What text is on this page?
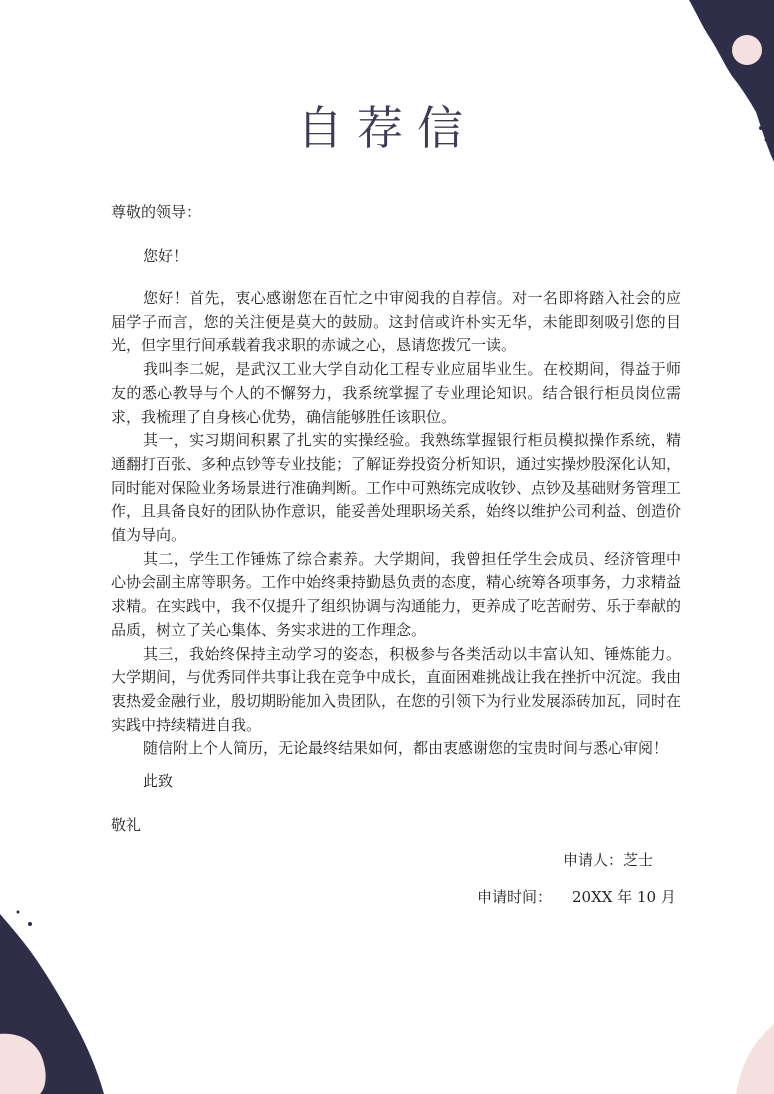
自荐信
尊敬的领导：
您好！

您好！首先，衷心感谢您在百忙之中审阅我的自荐信。对一名即将踏入社会的应届学子而言，您的关注便是莫大的鼓励。这封信或许朴实无华，未能即刻吸引您的目光，但字里行间承载着我求职的赤诚之心，恳请您拨冗一读。

我叫李二妮，是武汉工业大学自动化工程专业应届毕业生。在校期间，得益于师友的悉心教导与个人的不懈努力，我系统掌握了专业理论知识。结合银行柜员岗位需求，我梳理了自身核心优势，确信能够胜任该职位。

其一，实习期间积累了扎实的实操经验。我熟练掌握银行柜员模拟操作系统，精通翻打百张、多种点钞等专业技能；了解证券投资分析知识，通过实操炒股深化认知，同时能对保险业务场景进行准确判断。工作中可熟练完成收钞、点钞及基础财务管理工作，且具备良好的团队协作意识，能妥善处理职场关系，始终以维护公司利益、创造价值为导向。

其二，学生工作锤炼了综合素养。大学期间，我曾担任学生会成员、经济管理中心协会副主席等职务。工作中始终秉持勤恳负责的态度，精心统筹各项事务，力求精益求精。在实践中，我不仅提升了组织协调与沟通能力，更养成了吃苦耐劳、乐于奉献的品质，树立了关心集体、务实求进的工作理念。

其三，我始终保持主动学习的姿态，积极参与各类活动以丰富认知、锤炼能力。大学期间，与优秀同伴共事让我在竞争中成长，直面困难挑战让我在挫折中沉淀。我由衷热爱金融行业，殷切期盼能加入贵团队，在您的引领下为行业发展添砖加瓦，同时在实践中持续精进自我。

随信附上个人简历，无论最终结果如何，都由衷感谢您的宝贵时间与悉心审阅！

此致
敬礼
申请人：芝士
申请时间： 20XX 年 10 月
